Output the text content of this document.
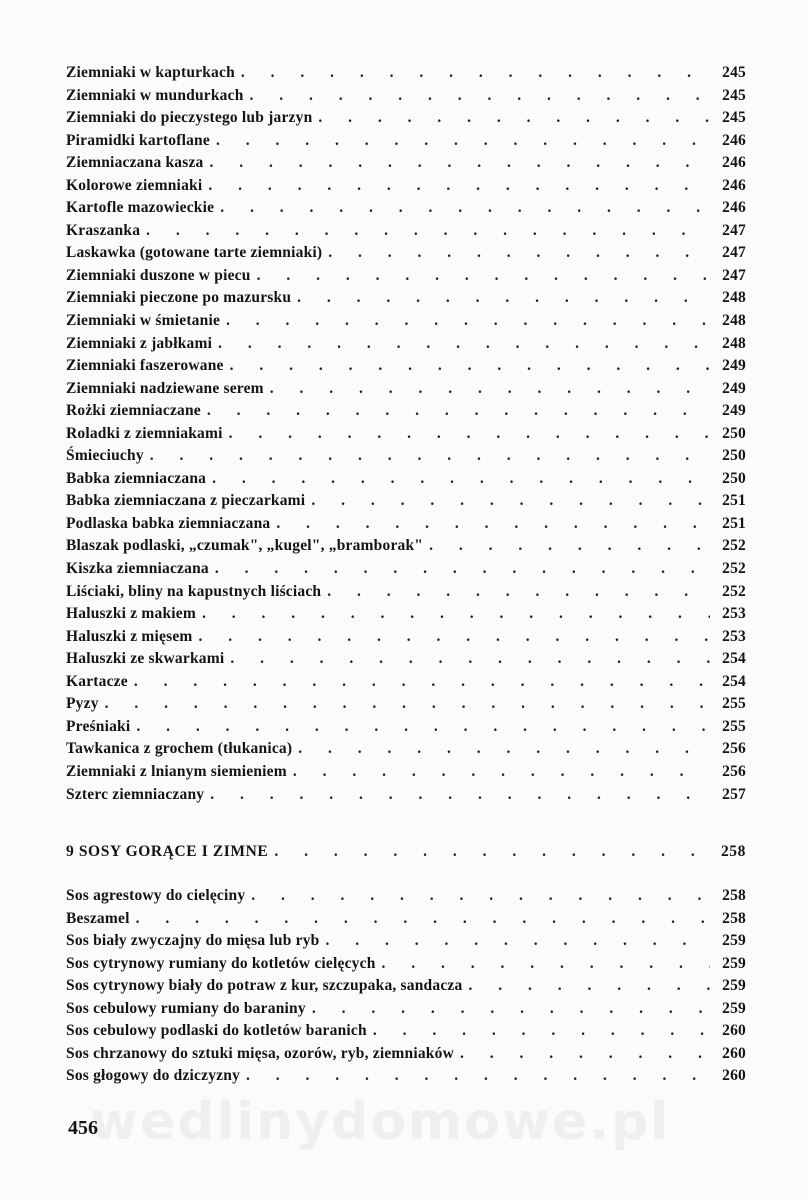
Ziemniaki w kapturkach . . .	245
Ziemniaki w mundurkach . . .	245
Ziemniaki do pieczystego lub jarzyn . . .	245
Piramidki kartoflane . . .	246
Ziemniaczana kasza . . .	246
Kolorowe ziemniaki . . .	246
Kartofle mazowieckie . . .	246
Kraszanka . . .	247
Laskawka (gotowane tarte ziemniaki) . . .	247
Ziemniaki duszone w piecu . . .	247
Ziemniaki pieczone po mazursku . . .	248
Ziemniaki w śmietanie . . .	248
Ziemniaki z jabłkami . . .	248
Ziemniaki faszerowane . . .	249
Ziemniaki nadziewane serem . . .	249
Rożki ziemniaczane . . .	249
Roladki z ziemniakami . . .	250
Śmieciuchy . . .	250
Babka ziemniaczana . . .	250
Babka ziemniaczana z pieczarkami . . .	251
Podlaska babka ziemniaczana . . .	251
Blaszak podlaski, „czumak", „kugel", „bramborak" . . .	252
Kiszka ziemniaczana . . .	252
Liściaki, bliny na kapustnych liściach . . .	252
Haluszki z makiem . . .	253
Haluszki z mięsem . . .	253
Haluszki ze skwarkami . . .	254
Kartacze . . .	254
Pyzy . . .	255
Preśniaki . . .	255
Tawkanica z grochem (tłukanica) . . .	256
Ziemniaki z lnianym siemieniem . . .	256
Szterc ziemniaczany . . .	257
9 SOSY GORĄCE I ZIMNE . . .	258
Sos agrestowy do cielęciny . . .	258
Beszamel . . .	258
Sos biały zwyczajny do mięsa lub ryb . . .	259
Sos cytrynowy rumiany do kotletów cielęcych . . .	259
Sos cytrynowy biały do potraw z kur, szczupaka, sandacza . . .	259
Sos cebulowy rumiany do baraniny . . .	259
Sos cebulowy podlaski do kotletów baranich . . .	260
Sos chrzanowy do sztuki mięsa, ozorów, ryb, ziemniaków . . .	260
Sos głogowy do dziczyzny . . .	260
wedlinydomowe.pl
456
